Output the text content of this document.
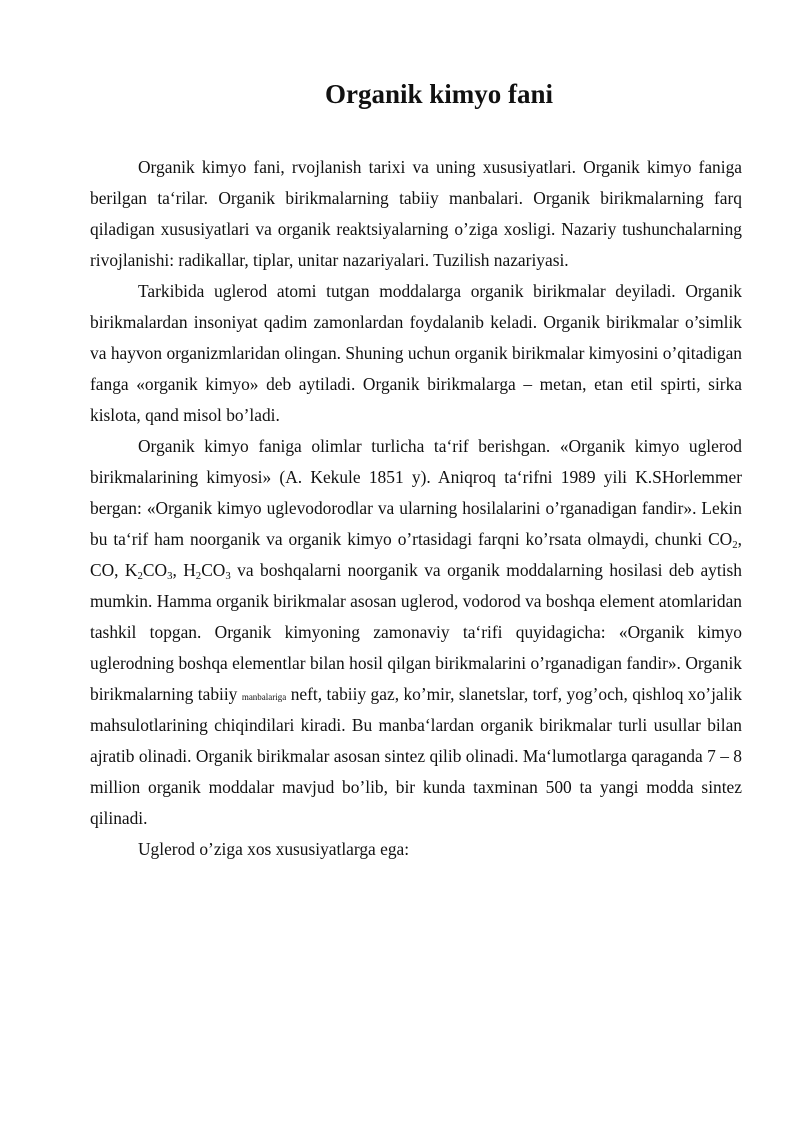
Organik kimyo fani

Organik kimyo fani, rvojlanish tarixi va uning xususiyatlari. Organik kimyo faniga berilgan ta‘rilar. Organik birikmalarning tabiiy manbalari. Organik birikmalarning farq qiladigan xususiyatlari va organik reaktsiyalarning o’ziga xosligi. Nazariy tushunchalarning rivojlanishi: radikallar, tiplar, unitar nazariyalari. Tuzilish nazariyasi.

Tarkibida uglerod atomi tutgan moddalarga organik birikmalar deyiladi. Organik birikmalardan insoniyat qadim zamonlardan foydalanib keladi. Organik birikmalar o’simlik va hayvon organizmlaridan olingan. Shuning uchun organik birikmalar kimyosini o’qitadigan fanga «organik kimyo» deb aytiladi. Organik birikmalarga – metan, etan etil spirti, sirka kislota, qand misol bo’ladi.

Organik kimyo faniga olimlar turlicha ta‘rif berishgan. «Organik kimyo uglerod birikmalarining kimyosi» (A. Kekule 1851 y). Aniqroq ta‘rifni 1989 yili K.SHorlemmer bergan: «Organik kimyo uglevodorodlar va ularning hosilalarini o’rganadigan fandir». Lekin bu ta‘rif ham noorganik va organik kimyo o’rtasidagi farqni ko’rsata olmaydi, chunki $CO_2$, CO, $K_2CO_3$, $H_2CO_3$ va boshqalarni noorganik va organik moddalarning hosilasi deb aytish mumkin. Hamma organik birikmalar asosan uglerod, vodorod va boshqa element atomlaridan tashkil topgan. Organik kimyoning zamonaviy ta‘rifi quyidagicha: «Organik kimyo uglerodning boshqa elementlar bilan hosil qilgan birikmalarini o’rganadigan fandir». Organik birikmalarning tabiiy manbalariga neft, tabiiy gaz, ko’mir, slanetslar, torf, yog’och, qishloq xo’jalik mahsulotlarining chiqindilari kiradi. Bu manba‘lardan organik birikmalar turli usullar bilan ajratib olinadi. Organik birikmalar asosan sintez qilib olinadi. Ma‘lumotlarga qaraganda 7 – 8 million organik moddalar mavjud bo’lib, bir kunda taxminan 500 ta yangi modda sintez qilinadi.

Uglerod o’ziga xos xususiyatlarga ega:
